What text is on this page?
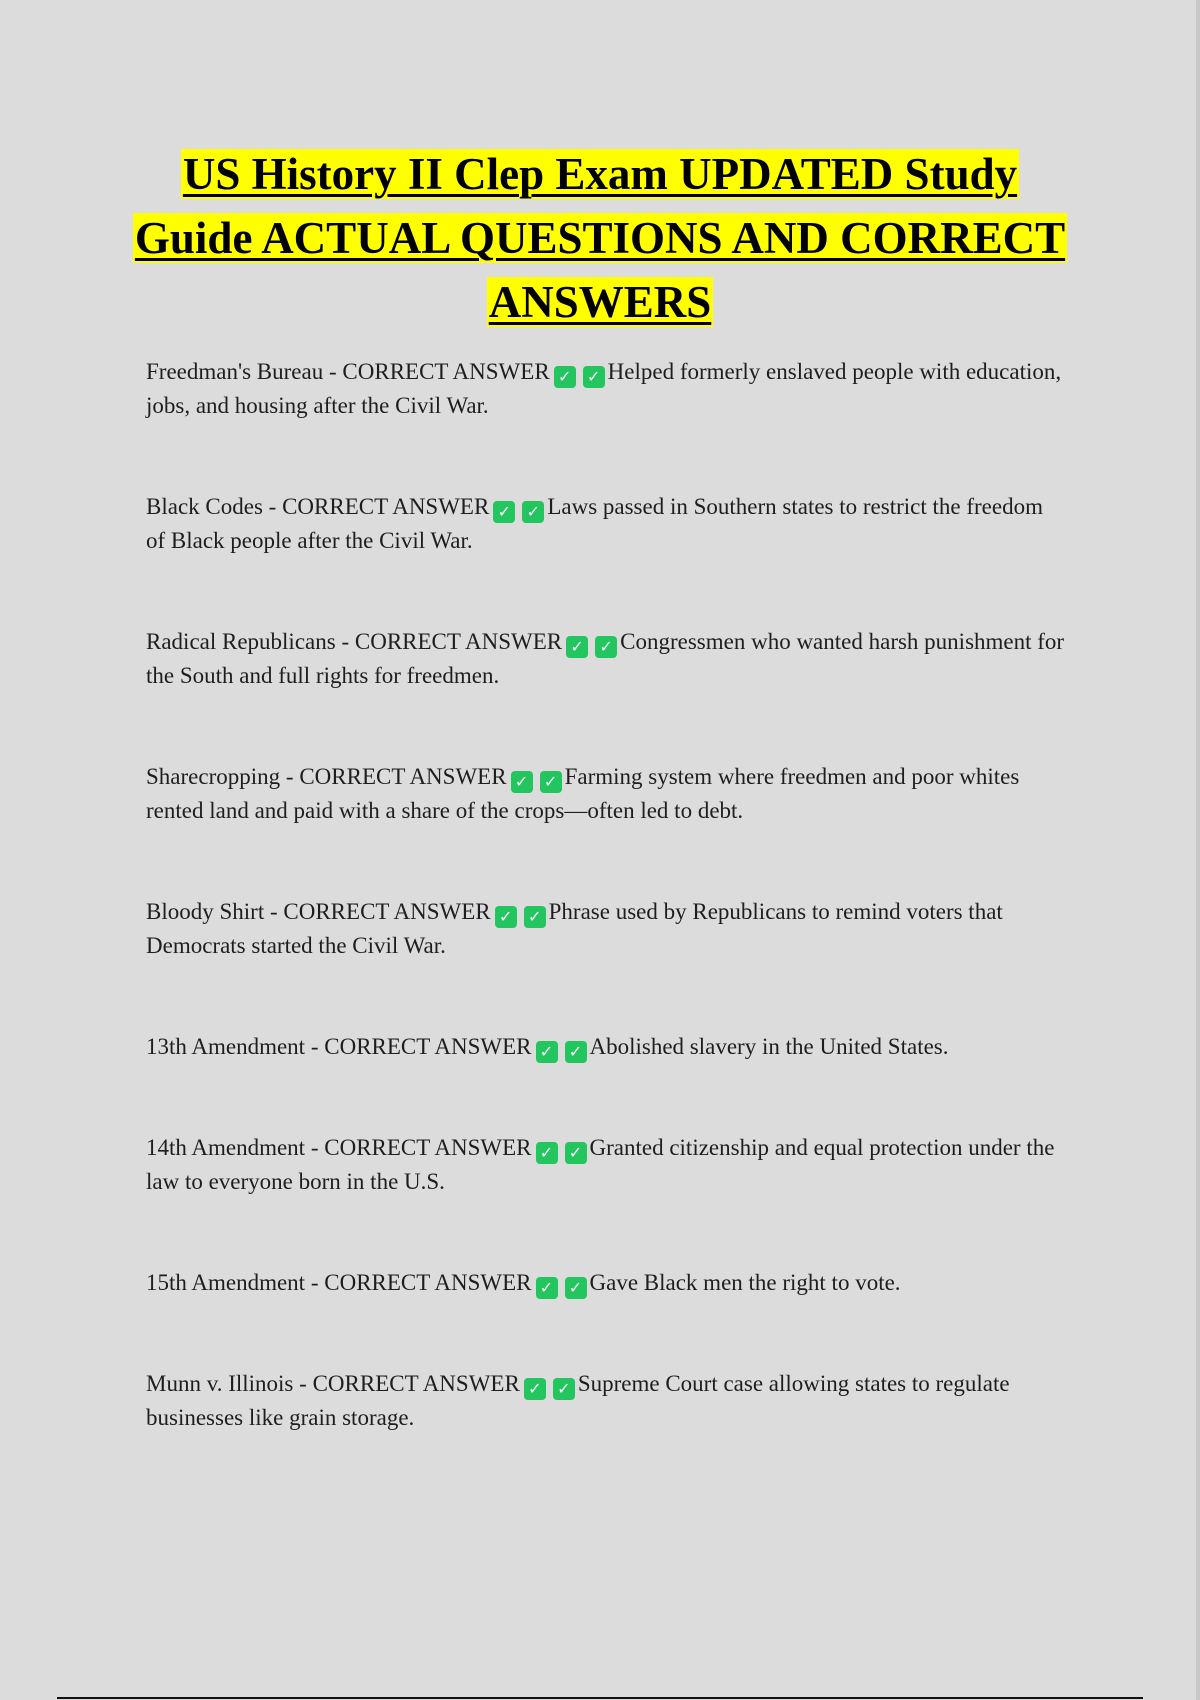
US History II Clep Exam UPDATED Study Guide ACTUAL QUESTIONS AND CORRECT ANSWERS
Freedman's Bureau - CORRECT ANSWER ✓ ✓ Helped formerly enslaved people with education, jobs, and housing after the Civil War.
Black Codes - CORRECT ANSWER ✓ ✓ Laws passed in Southern states to restrict the freedom of Black people after the Civil War.
Radical Republicans - CORRECT ANSWER ✓ ✓ Congressmen who wanted harsh punishment for the South and full rights for freedmen.
Sharecropping - CORRECT ANSWER ✓ ✓ Farming system where freedmen and poor whites rented land and paid with a share of the crops—often led to debt.
Bloody Shirt - CORRECT ANSWER ✓ ✓ Phrase used by Republicans to remind voters that Democrats started the Civil War.
13th Amendment - CORRECT ANSWER ✓ ✓ Abolished slavery in the United States.
14th Amendment - CORRECT ANSWER ✓ ✓ Granted citizenship and equal protection under the law to everyone born in the U.S.
15th Amendment - CORRECT ANSWER ✓ ✓ Gave Black men the right to vote.
Munn v. Illinois - CORRECT ANSWER ✓ ✓ Supreme Court case allowing states to regulate businesses like grain storage.
